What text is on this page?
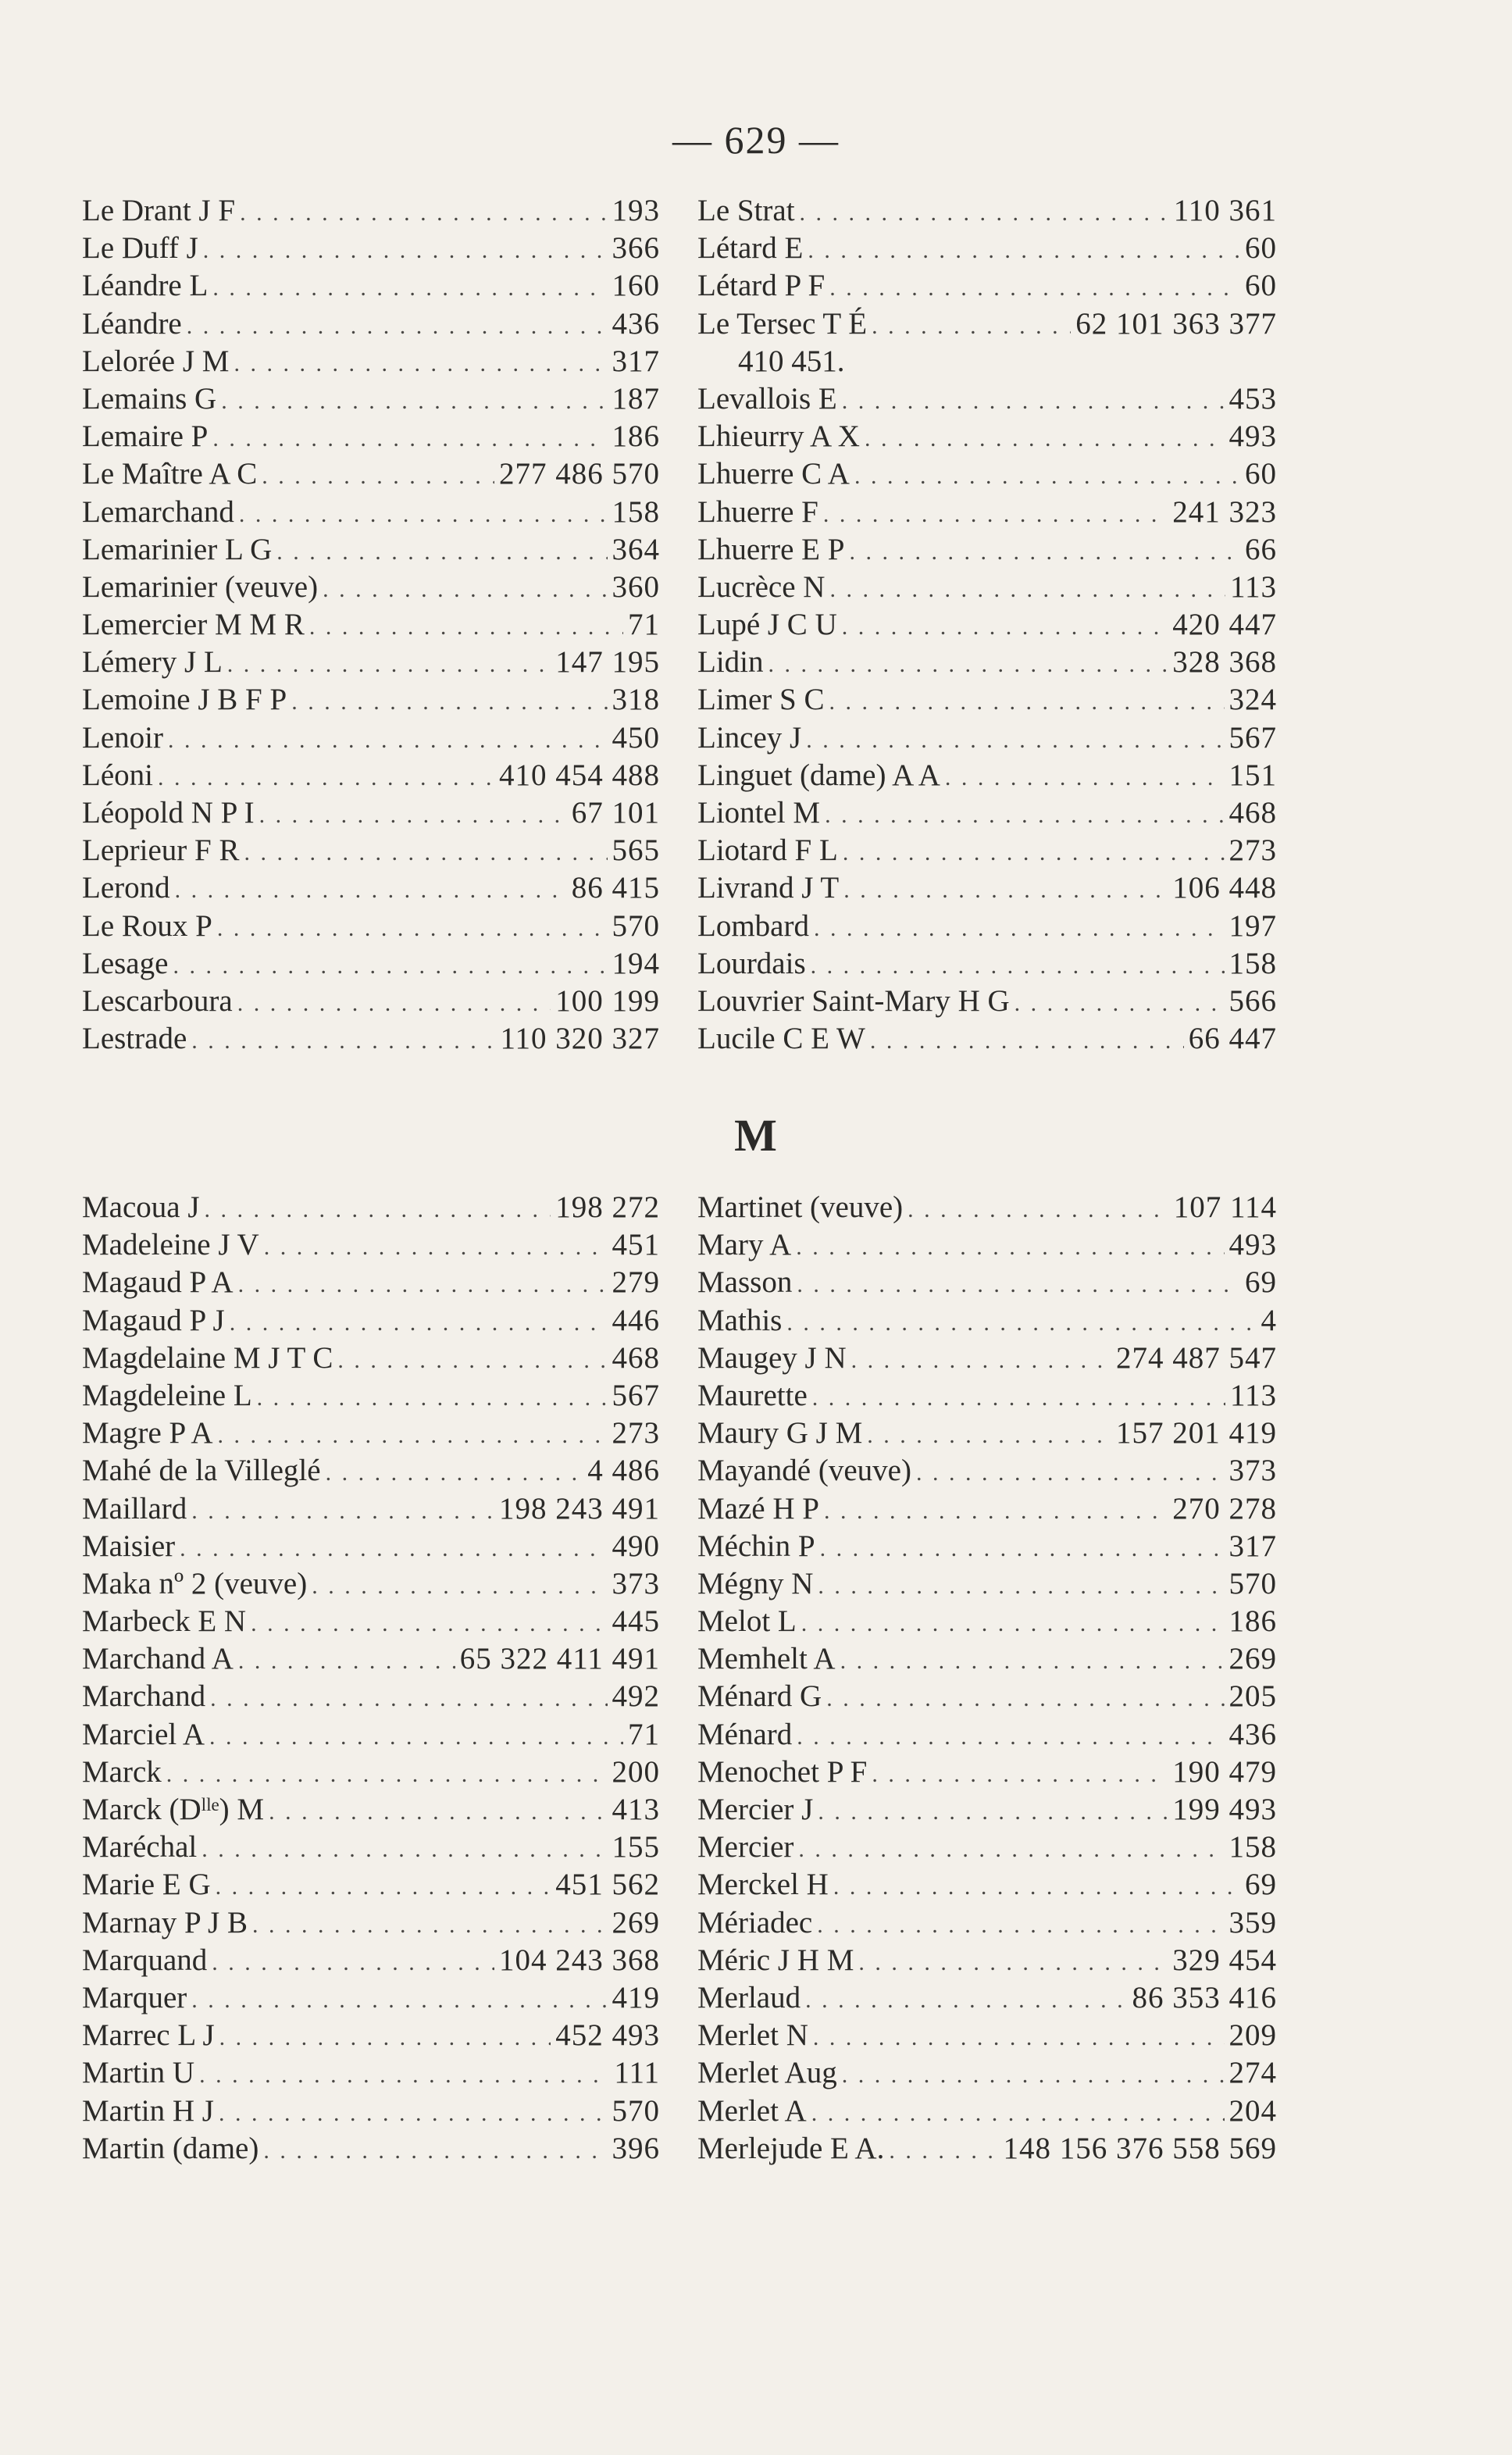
— 629 —
Le Drant J F . . .	193
Le Duff J . . .	366
Léandre L . . .	160
Léandre . . .	436
Lelorée J M . . .	317
Lemains G . . .	187
Lemaire P . . .	186
Le Maître A C . . .	277 486 570
Lemarchand . . .	158
Lemarinier L G . . .	364
Lemarinier (veuve) . . .	360
Lemercier M M R . . .	71
Lémery J L . . .	147 195
Lemoine J B F P . . .	318
Lenoir . . .	450
Léoni . . .	410 454 488
Léopold N P I . . .	67 101
Leprieur F R . . .	565
Lerond . . .	86 415
Le Roux P . . .	570
Lesage . . .	194
Lescarboura . . .	100 199
Lestrade . . .	110 320 327
Le Strat . . .	110 361
Létard E . . .	60
Létard P F . . .	60
Le Tersec T É . . .	62 101 363 377
410 451.
Levallois E . . .	453
Lhieurry A X . . .	493
Lhuerre C A . . .	60
Lhuerre F . . .	241 323
Lhuerre E P . . .	66
Lucrèce N . . .	113
Lupé J C U . . .	420 447
Lidin . . .	328 368
Limer S C . . .	324
Lincey J . . .	567
Linguet (dame) A A . . .	151
Liontel M . . .	468
Liotard F L . . .	273
Livrand J T . . .	106 448
Lombard . . .	197
Lourdais . . .	158
Louvrier Saint-Mary H G . . .	566
Lucile C E W . . .	66 447
M
Macoua J . . .	198 272
Madeleine J V . . .	451
Magaud P A . . .	279
Magaud P J . . .	446
Magdelaine M J T C . . .	468
Magdeleine L . . .	567
Magre P A . . .	273
Mahé de la Villeglé . . .	4 486
Maillard . . .	198 243 491
Maisier . . .	490
Maka nº 2 (veuve) . . .	373
Marbeck E N . . .	445
Marchand A . . .	65 322 411 491
Marchand . . .	492
Marciel A . . .	71
Marck . . .	200
Marck (Dˡˡᵉ) M . . .	413
Maréchal . . .	155
Marie E G . . .	451 562
Marnay P J B . . .	269
Marquand . . .	104 243 368
Marquer . . .	419
Marrec L J . . .	452 493
Martin U . . .	111
Martin H J . . .	570
Martin (dame) . . .	396
Martinet (veuve) . . .	107 114
Mary A . . .	493
Masson . . .	69
Mathis . . .	4
Maugey J N . . .	274 487 547
Maurette . . .	113
Maury G J M . . .	157 201 419
Mayandé (veuve) . . .	373
Mazé H P . . .	270 278
Méchin P . . .	317
Mégny N . . .	570
Melot L . . .	186
Memhelt A . . .	269
Ménard G . . .	205
Ménard . . .	436
Menochet P F . . .	190 479
Mercier J . . .	199 493
Mercier . . .	158
Merckel H . . .	69
Mériadec . . .	359
Méric J H M . . .	329 454
Merlaud . . .	86 353 416
Merlet N . . .	209
Merlet Aug . . .	274
Merlet A . . .	204
Merlejude E A. . . .	148 156 376 558 569
